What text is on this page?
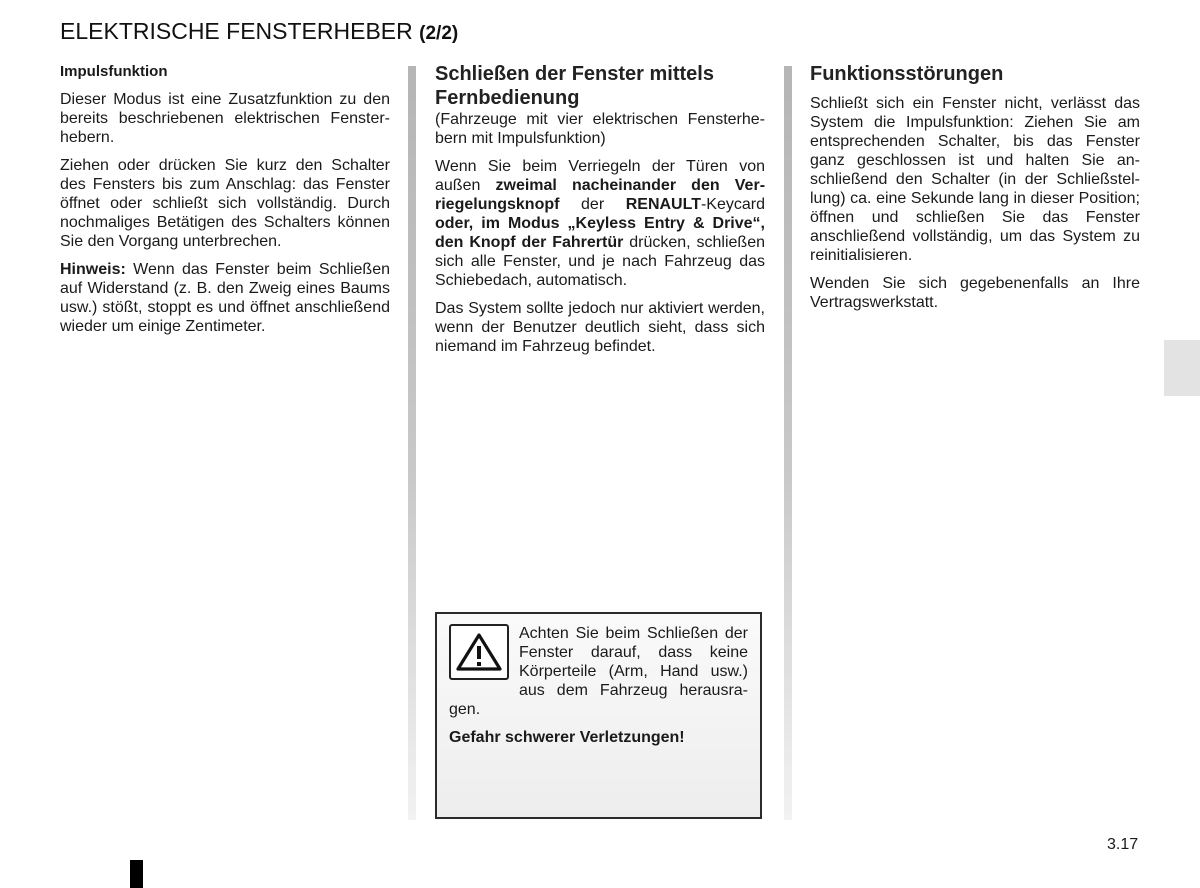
ELEKTRISCHE FENSTERHEBER (2/2)
Impulsfunktion

Dieser Modus ist eine Zusatzfunktion zu den bereits beschriebenen elektrischen Fensterhebern.

Ziehen oder drücken Sie kurz den Schalter des Fensters bis zum Anschlag: das Fenster öffnet oder schließt sich vollständig. Durch nochmaliges Betätigen des Schalters können Sie den Vorgang unterbrechen.

Hinweis: Wenn das Fenster beim Schließen auf Widerstand (z. B. den Zweig eines Baums usw.) stößt, stoppt es und öffnet anschließend wieder um einige Zentimeter.

Schließen der Fenster mittels Fernbedienung

(Fahrzeuge mit vier elektrischen Fensterhebern mit Impulsfunktion)

Wenn Sie beim Verriegeln der Türen von außen zweimal nacheinander den Verriegelungsknopf der RENAULT-Keycard oder, im Modus „Keyless Entry & Drive“, den Knopf der Fahrertür drücken, schließen sich alle Fenster, und je nach Fahrzeug das Schiebedach, automatisch.

Das System sollte jedoch nur aktiviert werden, wenn der Benutzer deutlich sieht, dass sich niemand im Fahrzeug befindet.

Achten Sie beim Schließen der Fenster darauf, dass keine Körperteile (Arm, Hand usw.) aus dem Fahrzeug herausragen.

Gefahr schwerer Verletzungen!

Funktionsstörungen

Schließt sich ein Fenster nicht, verlässt das System die Impulsfunktion: Ziehen Sie am entsprechenden Schalter, bis das Fenster ganz geschlossen ist und halten Sie anschließend den Schalter (in der Schließstellung) ca. eine Sekunde lang in dieser Position; öffnen und schließen Sie das Fenster anschließend vollständig, um das System zu reinitialisieren.

Wenden Sie sich gegebenenfalls an Ihre Vertragswerkstatt.

3.17
